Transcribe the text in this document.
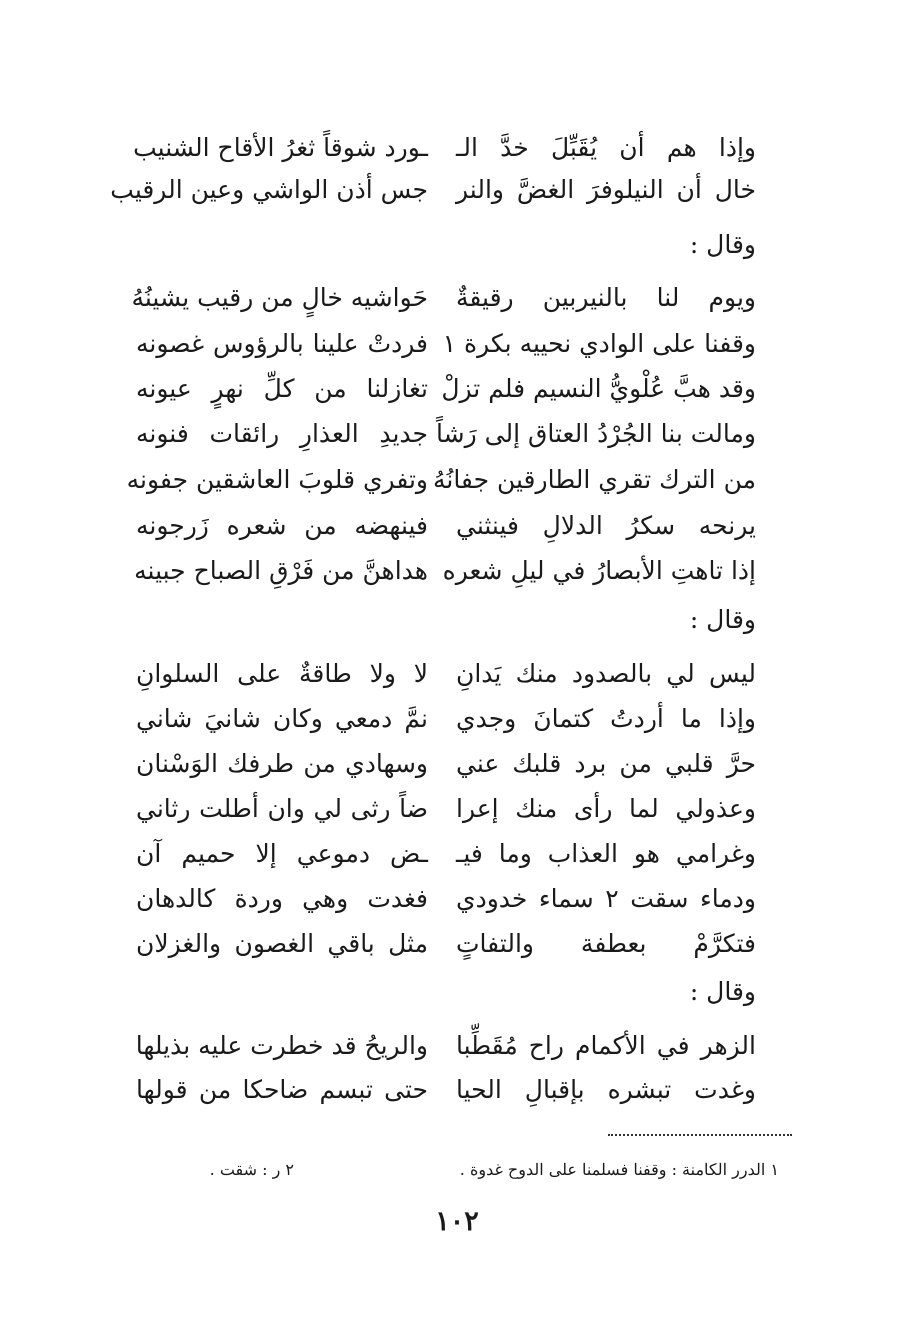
وإذا هم أن يُقَبِّلَ خدَّ الـ
ـورد شوقاً ثغرُ الأقاح الشنيب
خال أن النيلوفرَ الغضَّ والنر
جس أذن الواشي وعين الرقيب
وقال :
ويوم لنا بالنيربين رقيقةٌ
حَواشيه خالٍ من رقيب يشينُهُ
وقفنا على الوادي نحييه بكرة ١
فردتْ علينا بالرؤوس غصونه
وقد هبَّ عُلْويُّ النسيم فلم تزلْ
تغازلنا من كلِّ نهرٍ عيونه
ومالت بنا الجُرْدُ العتاق إلى رَشاً
جديدِ العذارِ رائقات فنونه
من الترك تقري الطارقين جفانُهُ
وتفري قلوبَ العاشقين جفونه
يرنحه سكرُ الدلالِ فينثني
فينهضه من شعره زَرجونه
إذا تاهتِ الأبصارُ في ليلِ شعره
هداهنَّ من فَرْقِ الصباح جبينه
وقال :
ليس لي بالصدود منك يَدانِ
لا ولا طاقةٌ على السلوانِ
وإذا ما أردتُ كتمانَ وجدي
نمَّ دمعي وكان شانيَ شاني
حرَّ قلبي من برد قلبك عني
وسهادي من طرفك الوَسْنان
وعذولي لما رأى منك إعرا
ضاً رثى لي وان أطلت رثاني
وغرامي هو العذاب وما فيـ
ـض دموعي إلا حميم آن
ودماء سقت ٢ سماء خدودي
فغدت وهي وردة كالدهان
فتكرَّمْ بعطفة والتفاتٍ
مثل باقي الغصون والغزلان
وقال :
الزهر في الأكمام راح مُقَطِّبا
والريحُ قد خطرت عليه بذيلها
وغدت تبشره بإقبالِ الحيا
حتى تبسم ضاحكا من قولها
١ الدرر الكامنة : وقفنا فسلمنا على الدوح غدوة .
٢ ر : شقت .
١٠٢
